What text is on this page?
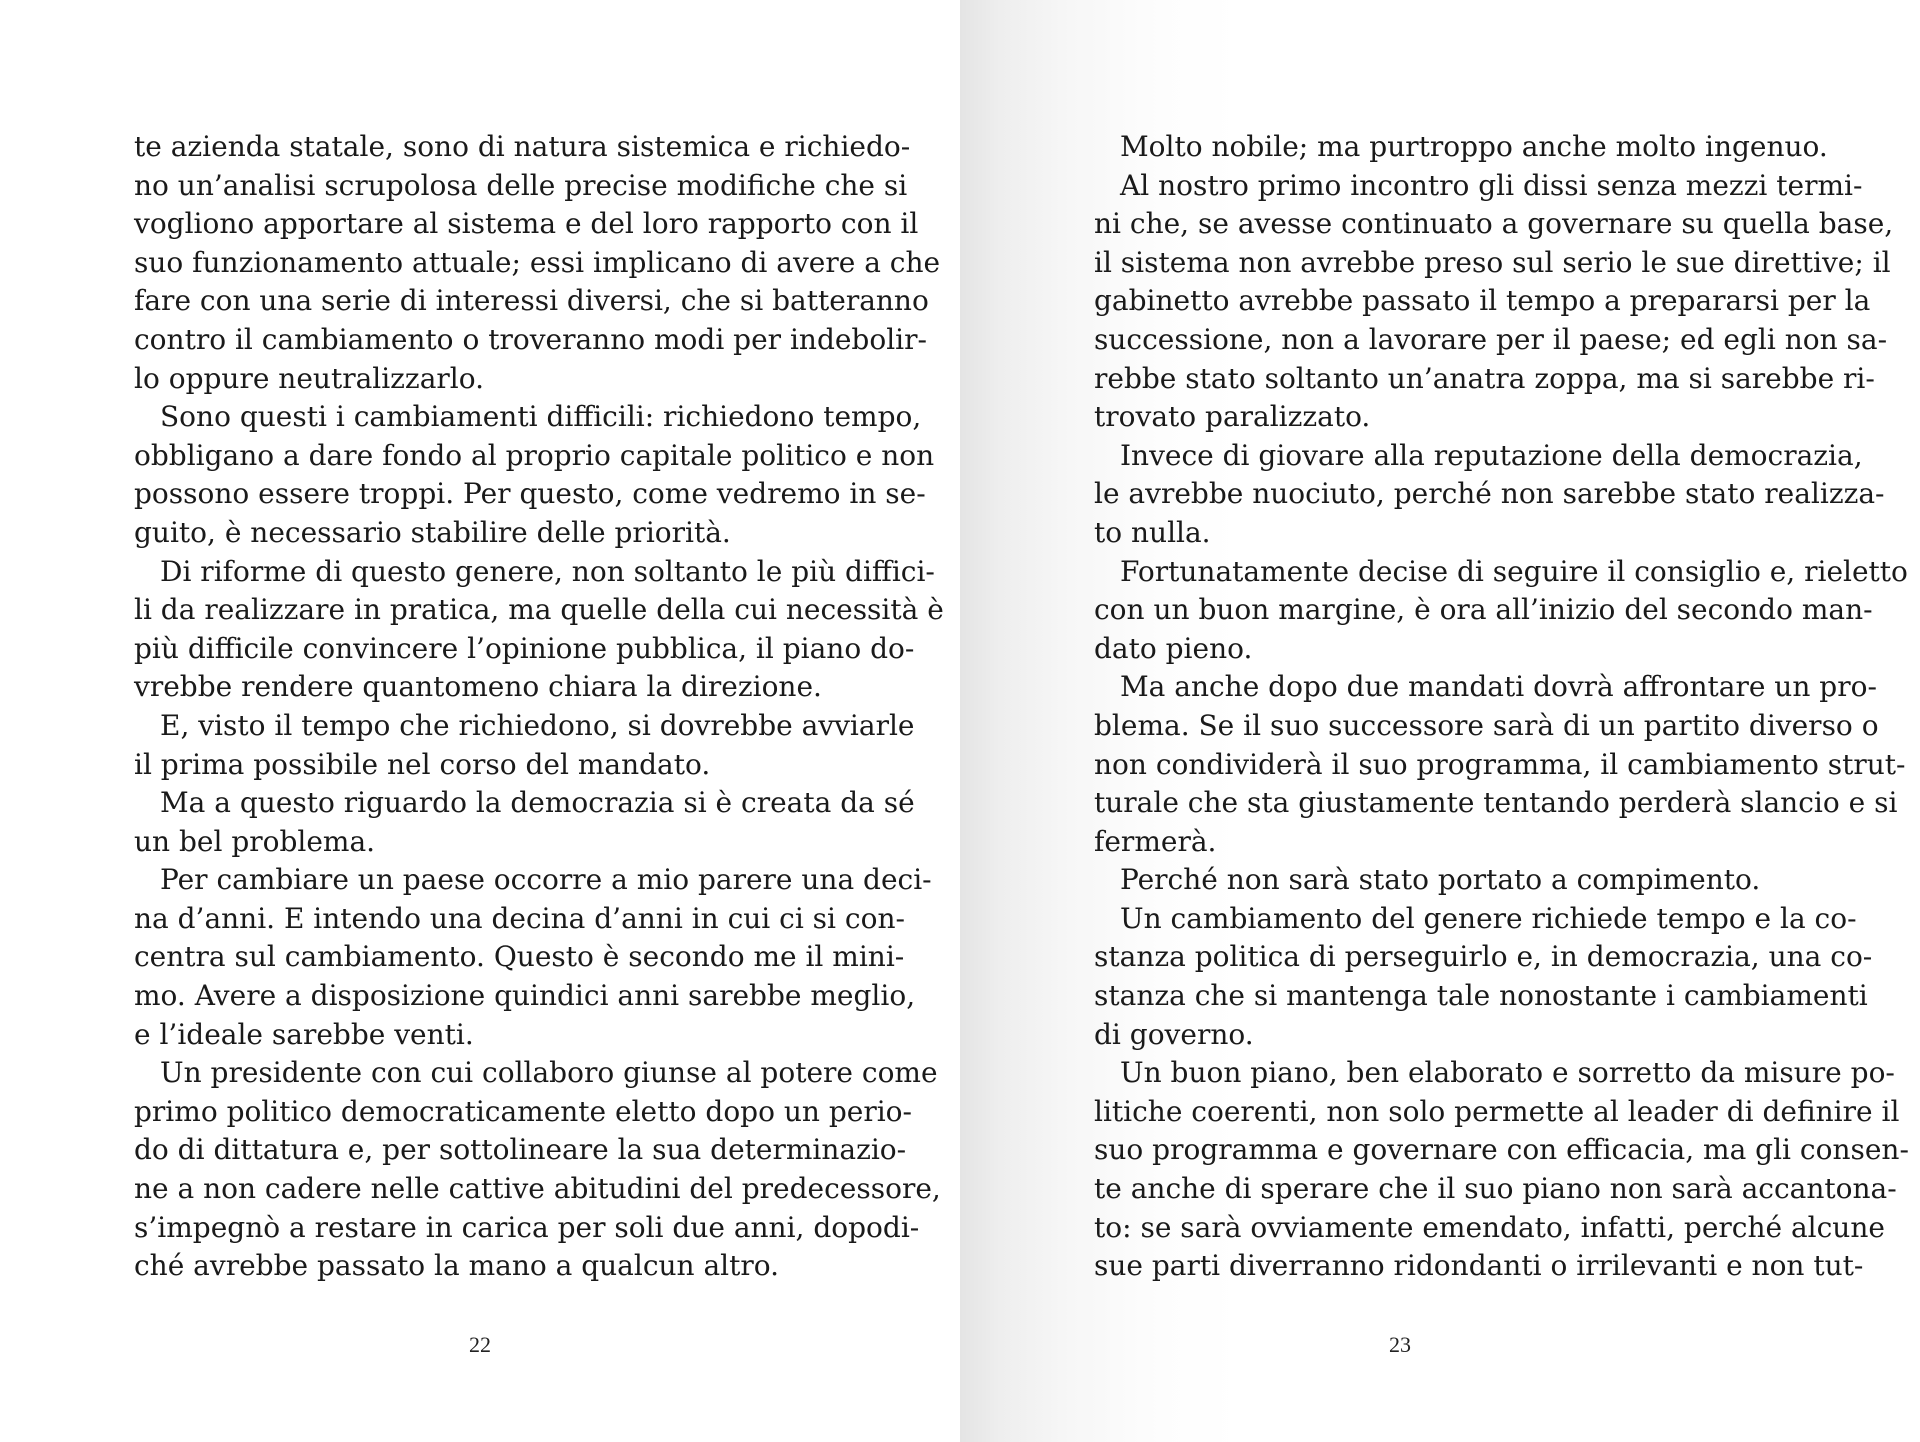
te azienda statale, sono di natura sistemica e richiedo-
no un’analisi scrupolosa delle precise modifiche che si
vogliono apportare al sistema e del loro rapporto con il
suo funzionamento attuale; essi implicano di avere a che
fare con una serie di interessi diversi, che si batteranno
contro il cambiamento o troveranno modi per indebolir-
lo oppure neutralizzarlo.
Sono questi i cambiamenti difficili: richiedono tempo,
obbligano a dare fondo al proprio capitale politico e non
possono essere troppi. Per questo, come vedremo in se-
guito, è necessario stabilire delle priorità.
Di riforme di questo genere, non soltanto le più diffici-
li da realizzare in pratica, ma quelle della cui necessità è
più difficile convincere l’opinione pubblica, il piano do-
vrebbe rendere quantomeno chiara la direzione.
E, visto il tempo che richiedono, si dovrebbe avviarle
il prima possibile nel corso del mandato.
Ma a questo riguardo la democrazia si è creata da sé
un bel problema.
Per cambiare un paese occorre a mio parere una deci-
na d’anni. E intendo una decina d’anni in cui ci si con-
centra sul cambiamento. Questo è secondo me il mini-
mo. Avere a disposizione quindici anni sarebbe meglio,
e l’ideale sarebbe venti.
Un presidente con cui collaboro giunse al potere come
primo politico democraticamente eletto dopo un perio-
do di dittatura e, per sottolineare la sua determinazio-
ne a non cadere nelle cattive abitudini del predecessore,
s’impegnò a restare in carica per soli due anni, dopodi-
ché avrebbe passato la mano a qualcun altro.
22
Molto nobile; ma purtroppo anche molto ingenuo.
Al nostro primo incontro gli dissi senza mezzi termi-
ni che, se avesse continuato a governare su quella base,
il sistema non avrebbe preso sul serio le sue direttive; il
gabinetto avrebbe passato il tempo a prepararsi per la
successione, non a lavorare per il paese; ed egli non sa-
rebbe stato soltanto un’anatra zoppa, ma si sarebbe ri-
trovato paralizzato.
Invece di giovare alla reputazione della democrazia,
le avrebbe nuociuto, perché non sarebbe stato realizza-
to nulla.
Fortunatamente decise di seguire il consiglio e, rieletto
con un buon margine, è ora all’inizio del secondo man-
dato pieno.
Ma anche dopo due mandati dovrà affrontare un pro-
blema. Se il suo successore sarà di un partito diverso o
non condividerà il suo programma, il cambiamento strut-
turale che sta giustamente tentando perderà slancio e si
fermerà.
Perché non sarà stato portato a compimento.
Un cambiamento del genere richiede tempo e la co-
stanza politica di perseguirlo e, in democrazia, una co-
stanza che si mantenga tale nonostante i cambiamenti
di governo.
Un buon piano, ben elaborato e sorretto da misure po-
litiche coerenti, non solo permette al leader di definire il
suo programma e governare con efficacia, ma gli consen-
te anche di sperare che il suo piano non sarà accantona-
to: se sarà ovviamente emendato, infatti, perché alcune
sue parti diverranno ridondanti o irrilevanti e non tut-
23
